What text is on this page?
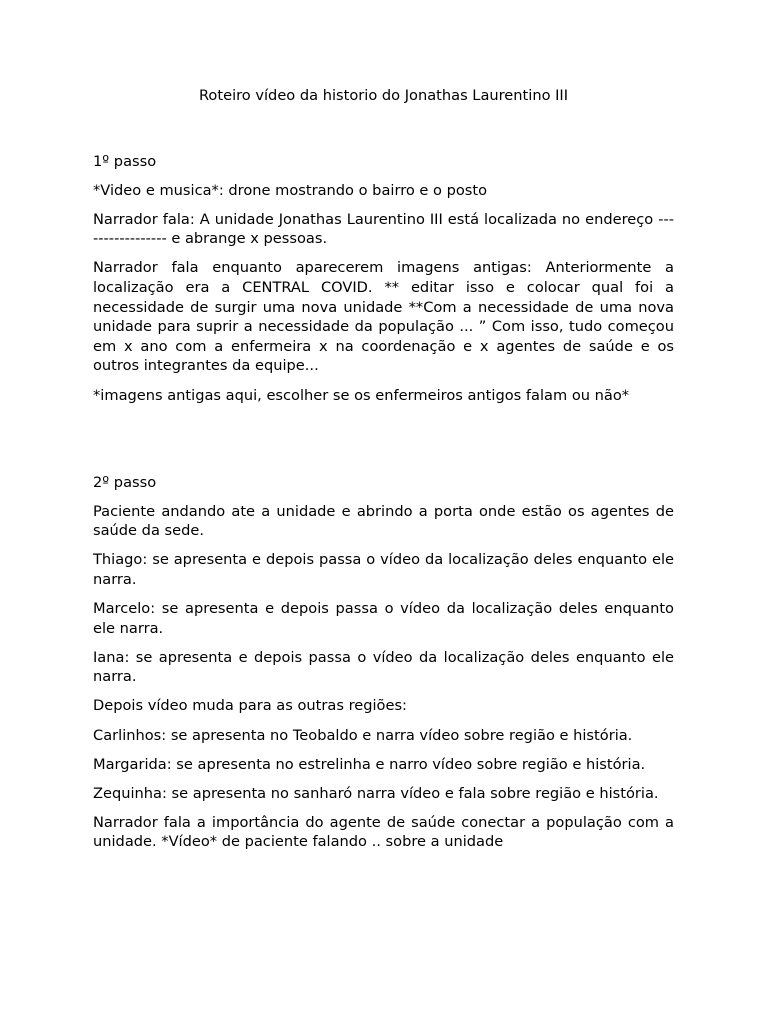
Roteiro vídeo da historio do Jonathas Laurentino III
1º passo

*Video e musica*: drone mostrando o bairro e o posto

Narrador fala: A unidade Jonathas Laurentino III está localizada no endereço ----------------- e abrange x pessoas.

Narrador fala enquanto aparecerem imagens antigas: Anteriormente a localização era a CENTRAL COVID. ** editar isso e colocar qual foi a necessidade de surgir uma nova unidade **Com a necessidade de uma nova unidade para suprir a necessidade da população ... ” Com isso, tudo começou em x ano com a enfermeira x na coordenação e x agentes de saúde e os outros integrantes da equipe...

*imagens antigas aqui, escolher se os enfermeiros antigos falam ou não*

2º passo

Paciente andando ate a unidade e abrindo a porta onde estão os agentes de saúde da sede.

Thiago: se apresenta e depois passa o vídeo da localização deles enquanto ele narra.

Marcelo: se apresenta e depois passa o vídeo da localização deles enquanto ele narra.

Iana: se apresenta e depois passa o vídeo da localização deles enquanto ele narra.

Depois vídeo muda para as outras regiões:

Carlinhos: se apresenta no Teobaldo e narra vídeo sobre região e história.

Margarida: se apresenta no estrelinha e narro vídeo sobre região e história.

Zequinha: se apresenta no sanharó narra vídeo e fala sobre região e história.

Narrador fala a importância do agente de saúde conectar a população com a unidade. *Vídeo* de paciente falando .. sobre a unidade
